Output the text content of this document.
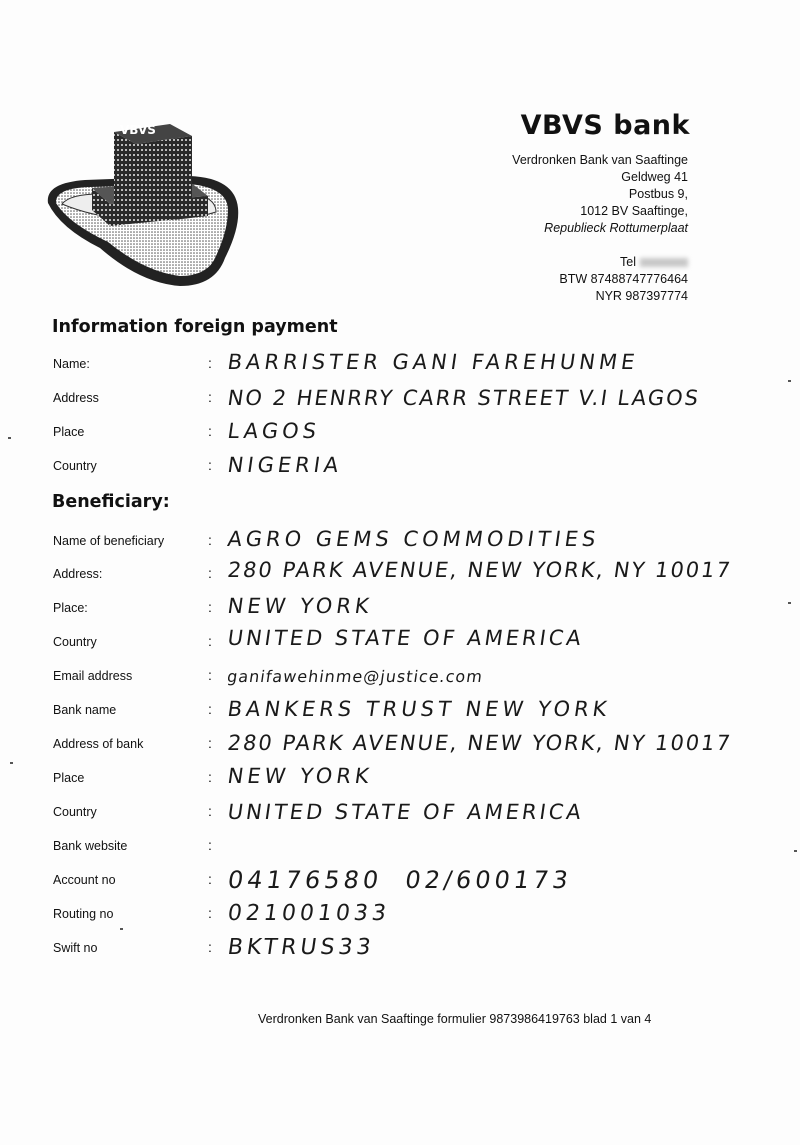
VBVS	VBVS bank
Verdronken Bank van Saaftinge
Geldweg 41
Postbus 9,
1012 BV Saaftinge,
Republieck Rottumerplaat
Tel
BTW 87488747776464
NYR 987397774
Information foreign payment
Name:	: BARRISTER GANI FAREHUNME
Address	: NO 2 HENRRY CARR STREET V.I LAGOS
Place	: LAGOS
Country	: NIGERIA
Beneficiary:
Name of beneficiary	: AGRO GEMS COMMODITIES
Address:	: 280 PARK AVENUE, NEW YORK, NY 10017
Place:	: NEW YORK
Country	: UNITED STATE OF AMERICA
Email address	: ganifawehinme@justice.com
Bank name	: BANKERS TRUST NEW YORK
Address of bank	: 280 PARK AVENUE, NEW YORK, NY 10017
Place	: NEW YORK
Country	: UNITED STATE OF AMERICA
Bank website	:
Account no	: 04176580  02/600173
Routing no	: 021001033
Swift no	: BKTRUS33
Verdronken Bank van Saaftinge formulier 9873986419763 blad 1 van 4
